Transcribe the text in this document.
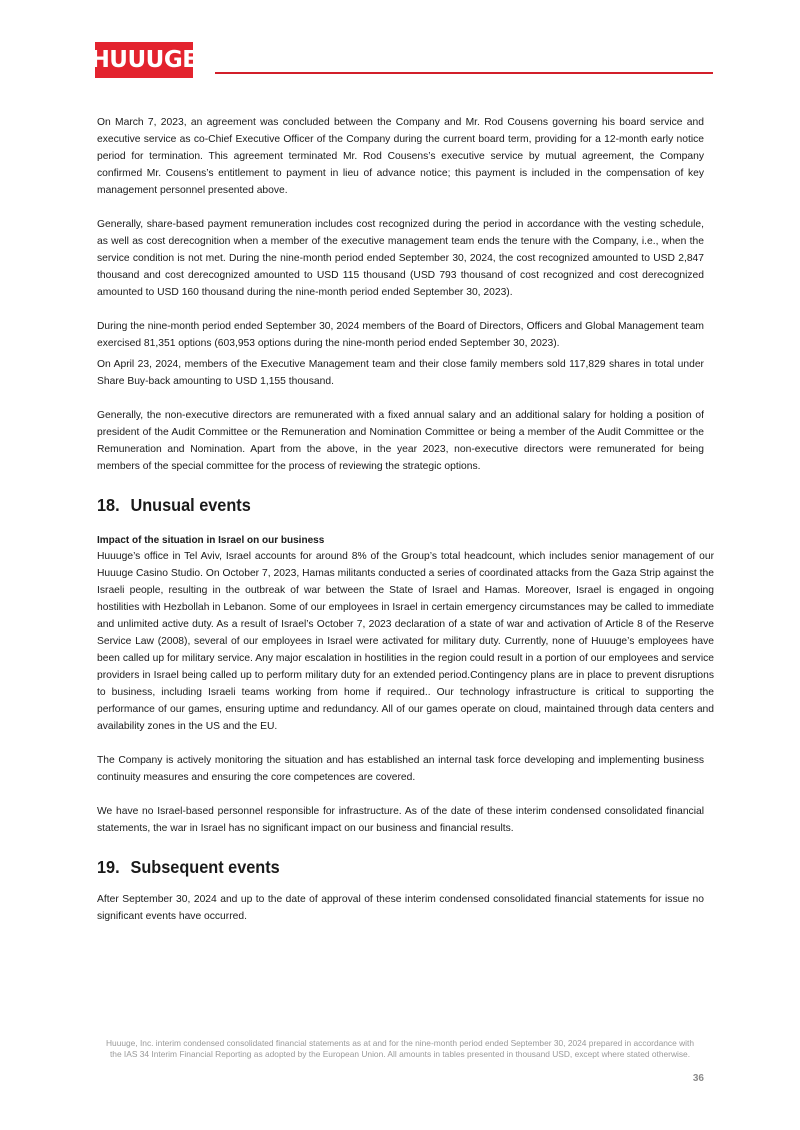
HUUUGE

On March 7, 2023, an agreement was concluded between the Company and Mr. Rod Cousens governing his board service and executive service as co-Chief Executive Officer of the Company during the current board term, providing for a 12-month early notice period for termination. This agreement terminated Mr. Rod Cousens’s executive service by mutual agreement, the Company confirmed Mr. Cousens’s entitlement to payment in lieu of advance notice; this payment is included in the compensation of key management personnel presented above.

Generally, share-based payment remuneration includes cost recognized during the period in accordance with the vesting schedule, as well as cost derecognition when a member of the executive management team ends the tenure with the Company, i.e., when the service condition is not met. During the nine-month period ended September 30, 2024, the cost recognized amounted to USD 2,847 thousand and cost derecognized amounted to USD 115 thousand (USD 793 thousand of cost recognized and cost derecognized amounted to USD 160 thousand during the nine-month period ended September 30, 2023).

During the nine-month period ended September 30, 2024 members of the Board of Directors, Officers and Global Management team exercised 81,351 options (603,953 options during the nine-month period ended September 30, 2023).

On April 23, 2024, members of the Executive Management team and their close family members sold 117,829 shares in total under Share Buy-back amounting to USD 1,155 thousand.

Generally, the non-executive directors are remunerated with a fixed annual salary and an additional salary for holding a position of president of the Audit Committee or the Remuneration and Nomination Committee or being a member of the Audit Committee or the Remuneration and Nomination. Apart from the above, in the year 2023, non-executive directors were remunerated for being members of the special committee for the process of reviewing the strategic options.

18. Unusual events

Impact of the situation in Israel on our business

Huuuge’s office in Tel Aviv, Israel accounts for around 8% of the Group’s total headcount, which includes senior management of our Huuuge Casino Studio. On October 7, 2023, Hamas militants conducted a series of coordinated attacks from the Gaza Strip against the Israeli people, resulting in the outbreak of war between the State of Israel and Hamas. Moreover, Israel is engaged in ongoing hostilities with Hezbollah in Lebanon. Some of our employees in Israel in certain emergency circumstances may be called to immediate and unlimited active duty. As a result of Israel’s October 7, 2023 declaration of a state of war and activation of Article 8 of the Reserve Service Law (2008), several of our employees in Israel were activated for military duty. Currently, none of Huuuge’s employees have been called up for military service. Any major escalation in hostilities in the region could result in a portion of our employees and service providers in Israel being called up to perform military duty for an extended period.Contingency plans are in place to prevent disruptions to business, including Israeli teams working from home if required.. Our technology infrastructure is critical to supporting the performance of our games, ensuring uptime and redundancy. All of our games operate on cloud, maintained through data centers and availability zones in the US and the EU.

The Company is actively monitoring the situation and has established an internal task force developing and implementing business continuity measures and ensuring the core competences are covered.

We have no Israel-based personnel responsible for infrastructure. As of the date of these interim condensed consolidated financial statements, the war in Israel has no significant impact on our business and financial results.

19. Subsequent events

After September 30, 2024 and up to the date of approval of these interim condensed consolidated financial statements for issue no significant events have occurred.

Huuuge, Inc. interim condensed consolidated financial statements as at and for the nine-month period ended September 30, 2024 prepared in accordance with the IAS 34 Interim Financial Reporting as adopted by the European Union. All amounts in tables presented in thousand USD, except where stated otherwise.
36
